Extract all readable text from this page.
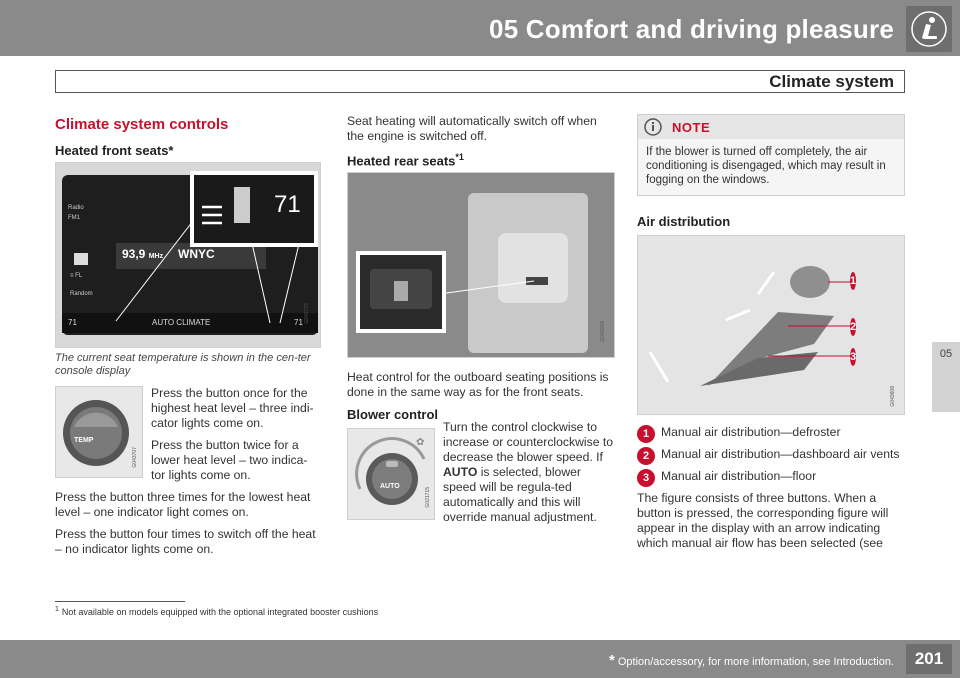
05 Comfort and driving pleasure
Climate system
05
Climate system controls
Heated front seats*
71
Radio
FM1
≡ FL
Random
93,9 MHz WNYC
AUTO CLIMATE
71	71 G043776
The current seat temperature is shown in the cen-ter console display
TEMP
G043707

Press the button once for the highest heat level – three indi-cator lights come on.

Press the button twice for a lower heat level – two indica-tor lights come on.

Press the button three times for the lowest heat level – one indicator light comes on.

Press the button four times to switch off the heat – no indicator lights come on.

Seat heating will automatically switch off when the engine is switched off.

Heated rear seats$^{*1}$
G043016

Heat control for the outboard seating positions is done in the same way as for the front seats.

Blower control
AUTO
✿
G021715

Turn the control clockwise to increase or counterclockwise to decrease the blower speed. If AUTO is selected, blower speed will be regula-ted automatically and this will override manual adjustment.

NOTE

If the blower is turned off completely, the air conditioning is disengaged, which may result in fogging on the windows.

Air distribution
1
2
3
G043608
1 Manual air distribution—defroster
2 Manual air distribution—dashboard air vents
3 Manual air distribution—floor

The figure consists of three buttons. When a button is pressed, the corresponding figure will appear in the display with an arrow indicating which manual air flow has been selected (see

$^1$ Not available on models equipped with the optional integrated booster cushions
* Option/accessory, for more information, see Introduction.	201
